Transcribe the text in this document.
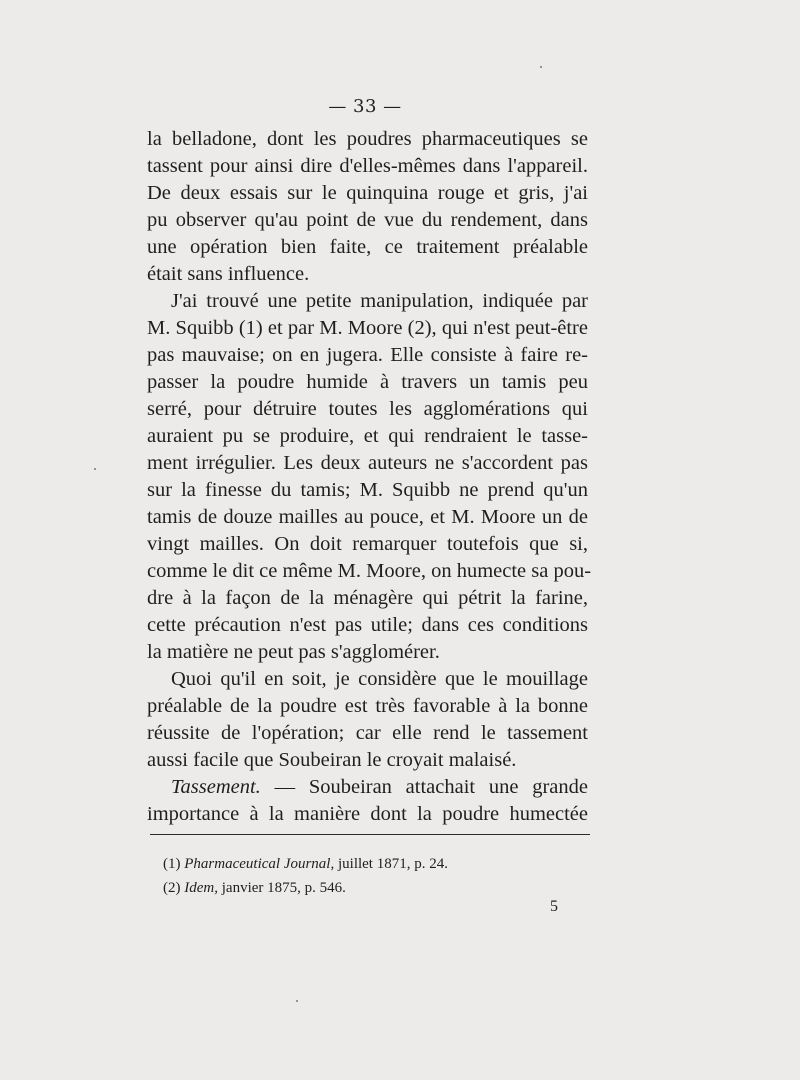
— 33 —
la belladone, dont les poudres pharmaceutiques se
tassent pour ainsi dire d'elles-mêmes dans l'appareil.
De deux essais sur le quinquina rouge et gris, j'ai
pu observer qu'au point de vue du rendement, dans
une opération bien faite, ce traitement préalable
était sans influence.
J'ai trouvé une petite manipulation, indiquée par
M. Squibb (1) et par M. Moore (2), qui n'est peut-être
pas mauvaise; on en jugera. Elle consiste à faire re-
passer la poudre humide à travers un tamis peu
serré, pour détruire toutes les agglomérations qui
auraient pu se produire, et qui rendraient le tasse-
ment irrégulier. Les deux auteurs ne s'accordent pas
sur la finesse du tamis; M. Squibb ne prend qu'un
tamis de douze mailles au pouce, et M. Moore un de
vingt mailles. On doit remarquer toutefois que si,
comme le dit ce même M. Moore, on humecte sa pou-
dre à la façon de la ménagère qui pétrit la farine,
cette précaution n'est pas utile; dans ces conditions
la matière ne peut pas s'agglomérer.
Quoi qu'il en soit, je considère que le mouillage
préalable de la poudre est très favorable à la bonne
réussite de l'opération; car elle rend le tassement
aussi facile que Soubeiran le croyait malaisé.
Tassement. — Soubeiran attachait une grande
importance à la manière dont la poudre humectée
(1) Pharmaceutical Journal, juillet 1871, p. 24.
(2) Idem, janvier 1875, p. 546.
5
